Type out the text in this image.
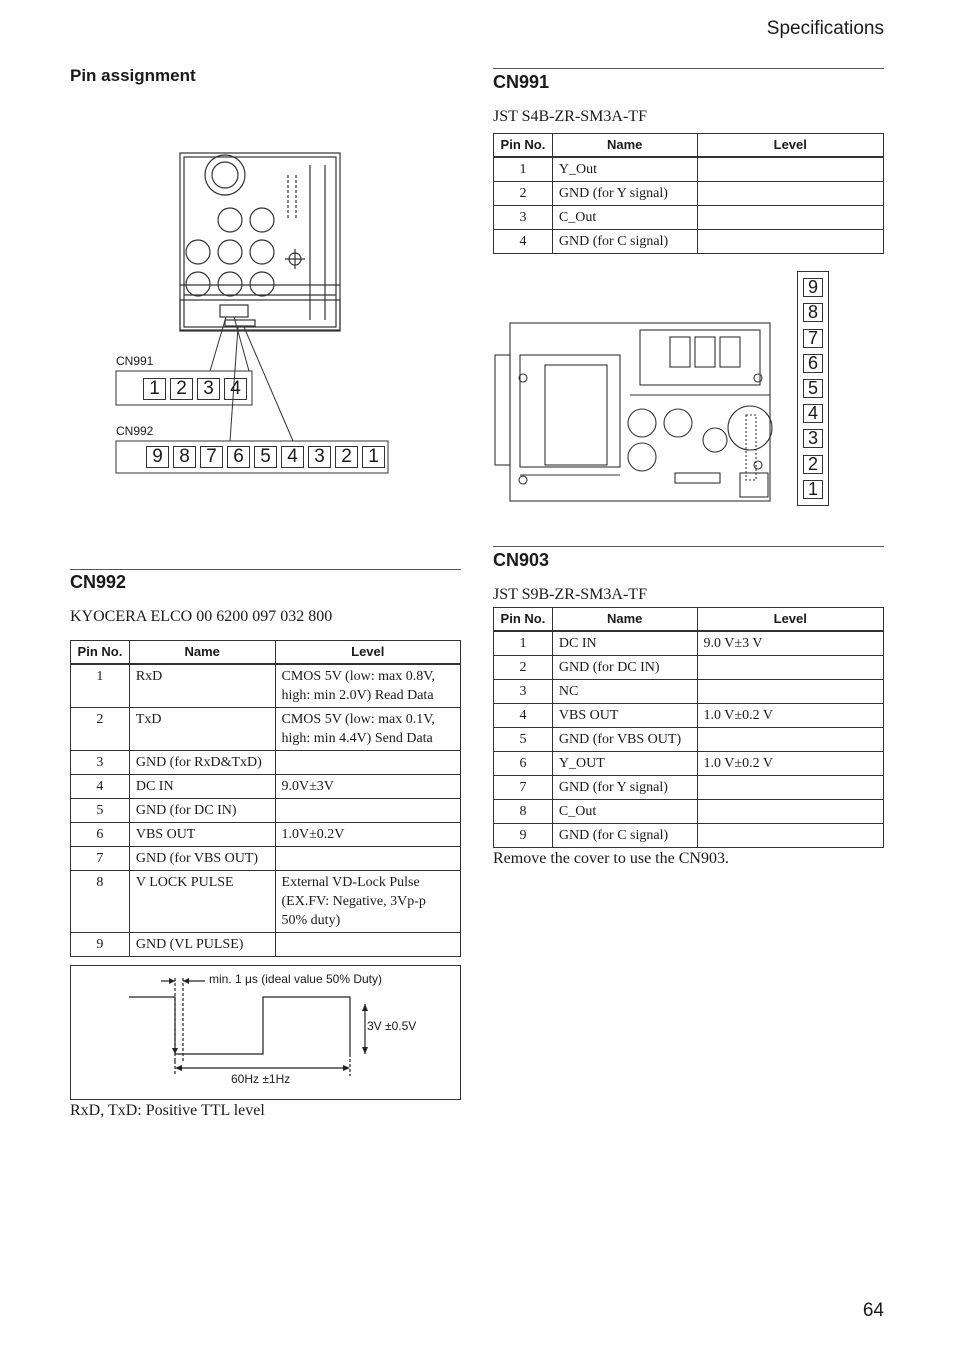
Specifications
Pin assignment
CN991
1 2 3 4
CN992
9 8 7 6 5 4 3 2 1
CN992
KYOCERA ELCO 00 6200 097 032 800
Pin No.	Name	Level
1	RxD	CMOS 5V (low: max 0.8V, high: min 2.0V) Read Data
2	TxD	CMOS 5V (low: max 0.1V, high: min 4.4V) Send Data
3	GND (for RxD&TxD)	
4	DC IN	9.0V±3V
5	GND (for DC IN)	
6	VBS OUT	1.0V±0.2V
7	GND (for VBS OUT)	
8	V LOCK PULSE	External VD-Lock Pulse (EX.FV: Negative, 3Vp-p 50% duty)
9	GND (VL PULSE)	
min. 1 μs (ideal value 50% Duty)
3V ±0.5V
60Hz ±1Hz
RxD, TxD: Positive TTL level
CN991
JST S4B-ZR-SM3A-TF
Pin No.	Name	Level
1	Y_Out	
2	GND (for Y signal)	
3	C_Out	
4	GND (for C signal)	
9
8
7
6
5
4
3
2
1
CN903
JST S9B-ZR-SM3A-TF
Pin No.	Name	Level
1	DC IN	9.0 V±3 V
2	GND (for DC IN)	
3	NC	
4	VBS OUT	1.0 V±0.2 V
5	GND (for VBS OUT)	
6	Y_OUT	1.0 V±0.2 V
7	GND (for Y signal)	
8	C_Out	
9	GND (for C signal)	
Remove the cover to use the CN903.
64
